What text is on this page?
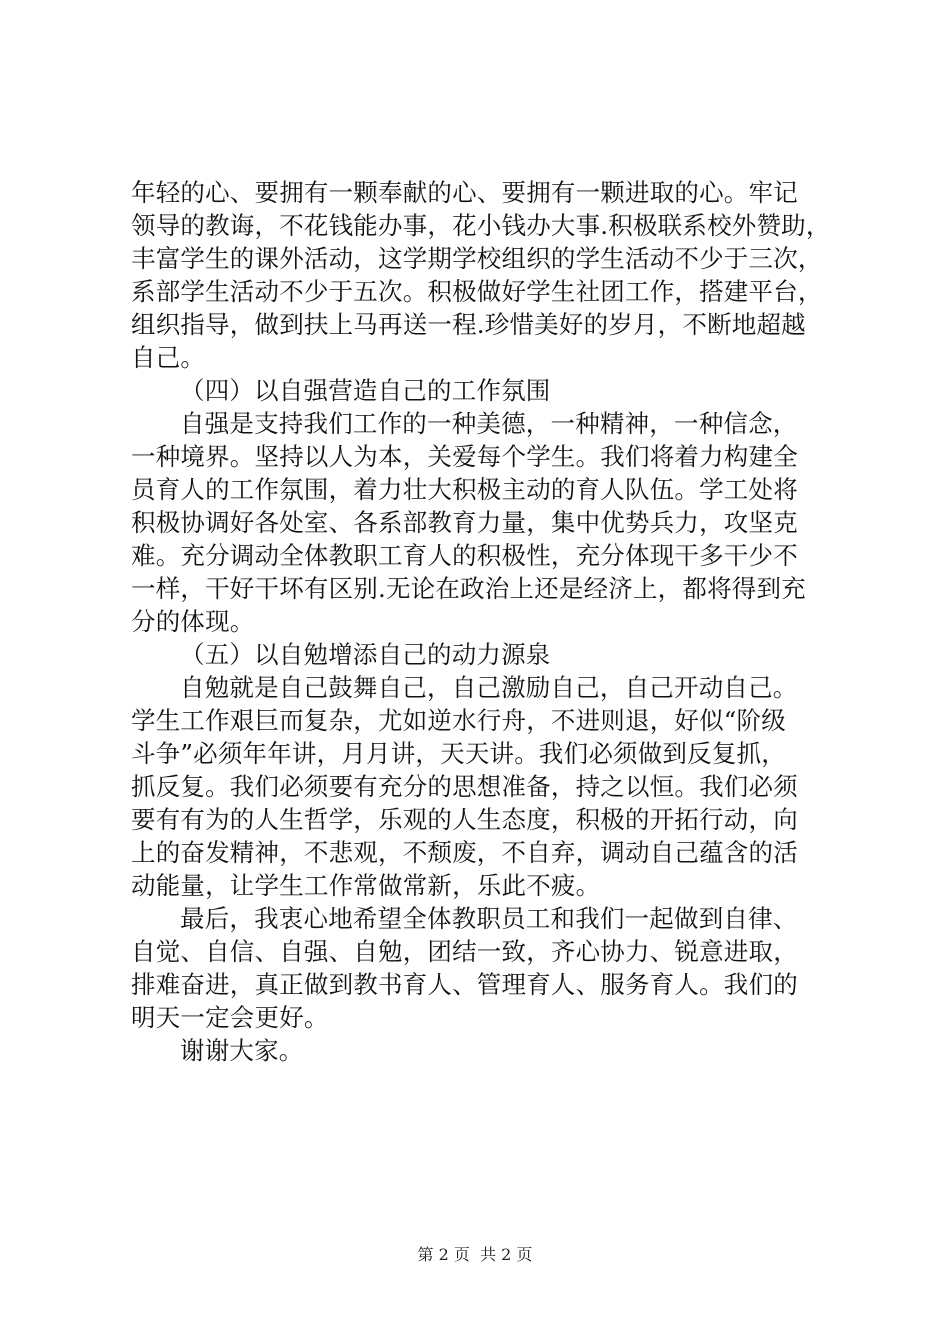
年轻的心、要拥有一颗奉献的心、要拥有一颗进取的心。牢记
领导的教诲，不花钱能办事，花小钱办大事.积极联系校外赞助，
丰富学生的课外活动，这学期学校组织的学生活动不少于三次，
系部学生活动不少于五次。积极做好学生社团工作，搭建平台，
组织指导，做到扶上马再送一程.珍惜美好的岁月，不断地超越
自己。
（四）以自强营造自己的工作氛围
自强是支持我们工作的一种美德，一种精神，一种信念，
一种境界。坚持以人为本，关爱每个学生。我们将着力构建全
员育人的工作氛围，着力壮大积极主动的育人队伍。学工处将
积极协调好各处室、各系部教育力量，集中优势兵力，攻坚克
难。充分调动全体教职工育人的积极性，充分体现干多干少不
一样，干好干坏有区别.无论在政治上还是经济上，都将得到充
分的体现。
（五）以自勉增添自己的动力源泉
自勉就是自己鼓舞自己，自己激励自己，自己开动自己。
学生工作艰巨而复杂，尤如逆水行舟，不进则退，好似“阶级
斗争”必须年年讲，月月讲，天天讲。我们必须做到反复抓，
抓反复。我们必须要有充分的思想准备，持之以恒。我们必须
要有有为的人生哲学，乐观的人生态度，积极的开拓行动，向
上的奋发精神，不悲观，不颓废，不自弃，调动自己蕴含的活
动能量，让学生工作常做常新，乐此不疲。
最后，我衷心地希望全体教职员工和我们一起做到自律、
自觉、自信、自强、自勉，团结一致，齐心协力、锐意进取，
排难奋进，真正做到教书育人、管理育人、服务育人。我们的
明天一定会更好。
谢谢大家。
第 2 页  共 2 页
